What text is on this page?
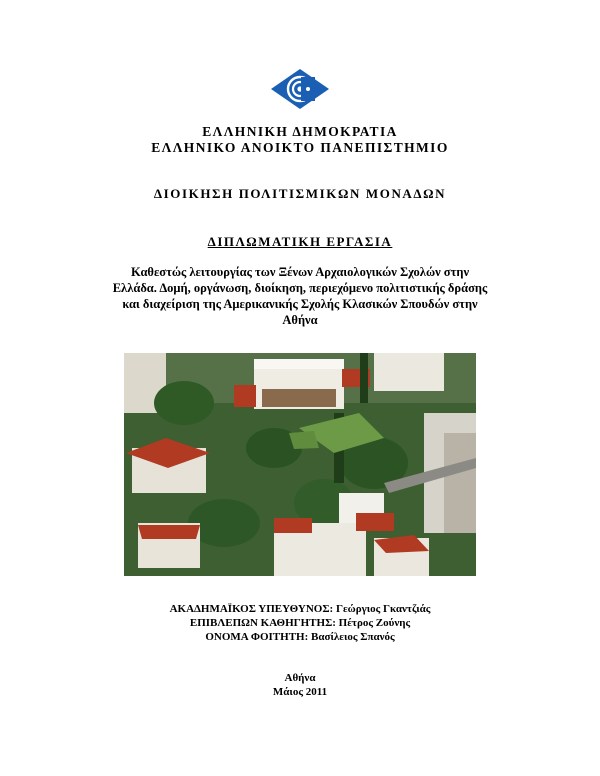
ΕΛΛΗΝΙΚΗ ΔΗΜΟΚΡΑΤΙΑ
ΕΛΛΗΝΙΚΟ ΑΝΟΙΚΤΟ ΠΑΝΕΠΙΣΤΗΜΙΟ
ΔΙΟΙΚΗΣΗ ΠΟΛΙΤΙΣΜΙΚΩΝ ΜΟΝΑΔΩΝ
ΔΙΠΛΩΜΑΤΙΚΗ ΕΡΓΑΣΙΑ
Καθεστώς λειτουργίας των Ξένων Αρχαιολογικών Σχολών στην
Ελλάδα. Δομή, οργάνωση, διοίκηση, περιεχόμενο πολιτιστικής δράσης
και διαχείριση της Αμερικανικής Σχολής Κλασικών Σπουδών στην
Αθήνα
ΑΚΑΔΗΜΑΪΚΟΣ ΥΠΕΥΘΥΝΟΣ: Γεώργιος Γκαντζιάς
ΕΠΙΒΛΕΠΩΝ ΚΑΘΗΓΗΤΗΣ: Πέτρος Ζούνης
ΟΝΟΜΑ ΦΟΙΤΗΤΗ: Βασίλειος Σπανός
Αθήνα
Μάιος 2011
